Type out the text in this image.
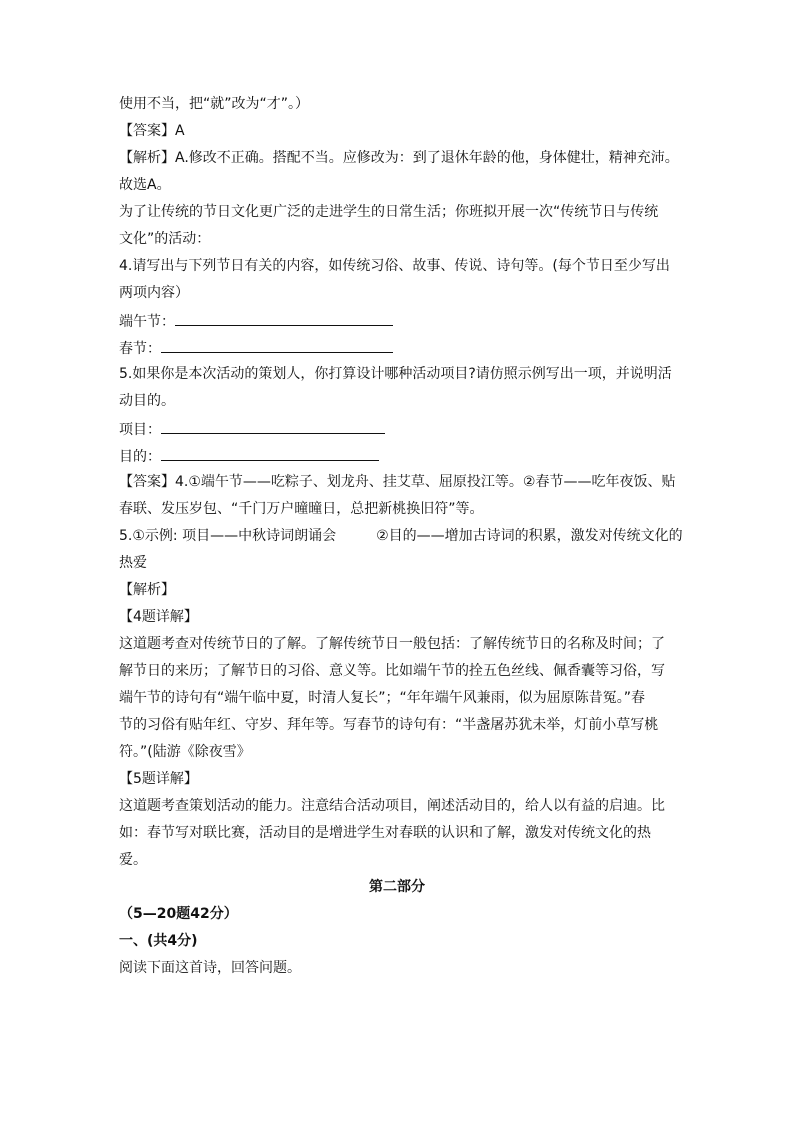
使用不当，把“就”改为“才”。）
【答案】A
【解析】A.修改不正确。搭配不当。应修改为：到了退休年龄的他，身体健壮，精神充沛。
故选A。
为了让传统的节日文化更广泛的走进学生的日常生活；你班拟开展一次“传统节日与传统
文化”的活动：
4.请写出与下列节日有关的内容，如传统习俗、故事、传说、诗句等。(每个节日至少写出
两项内容）
端午节：
春节：
5.如果你是本次活动的策划人，你打算设计哪种活动项目?请仿照示例写出一项，并说明活
动目的。
项目：
目的：
【答案】4.①端午节——吃粽子、划龙舟、挂艾草、屈原投江等。②春节——吃年夜饭、贴
春联、发压岁包、“千门万户曈曈日，总把新桃换旧符”等。
5.①示例: 项目——中秋诗词朗诵会	②目的——增加古诗词的积累，激发对传统文化的
热爱
【解析】
【4题详解】
这道题考查对传统节日的了解。了解传统节日一般包括：了解传统节日的名称及时间；了
解节日的来历；了解节日的习俗、意义等。比如端午节的拴五色丝线、佩香囊等习俗，写
端午节的诗句有“端午临中夏，时清人复长”；“年年端午风兼雨，似为屈原陈昔冤。”春
节的习俗有贴年红、守岁、拜年等。写春节的诗句有：“半盏屠苏犹未举，灯前小草写桃
符。”(陆游《除夜雪》
【5题详解】
这道题考查策划活动的能力。注意结合活动项目，阐述活动目的，给人以有益的启迪。比
如：春节写对联比赛，活动目的是增进学生对春联的认识和了解，激发对传统文化的热
爱。
第二部分
（5—20题42分）
一、(共4分)
阅读下面这首诗，回答问题。
